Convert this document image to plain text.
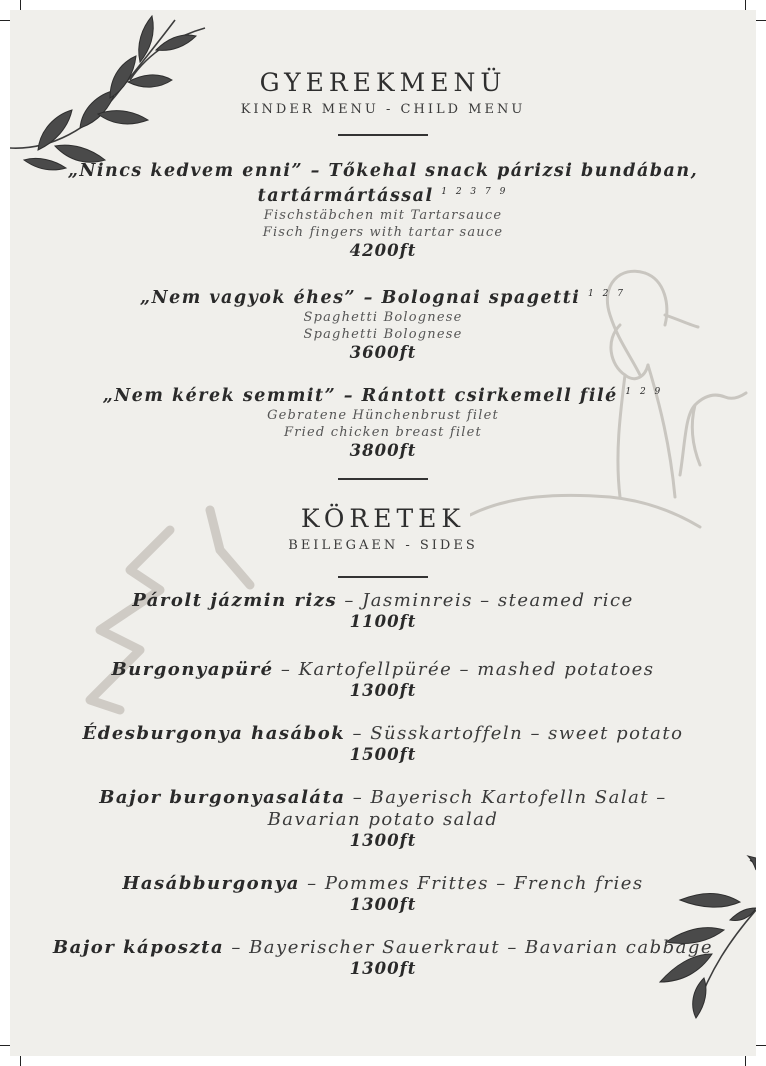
GYEREKMENÜ
KINDER MENU - CHILD MENU
„Nincs kedvem enni” – Tőkehal snack párizsi bundában, tartármártással $^{1 2 3 7 9}$
Fischstäbchen mit Tartarsauce
Fisch fingers with tartar sauce
4200ft
„Nem vagyok éhes” – Bolognai spagetti $^{1 2 7}$
Spaghetti Bolognese
Spaghetti Bolognese
3600ft
„Nem kérek semmit” – Rántott csirkemell filé $^{1 2 9}$
Gebratene Hünchenbrust filet
Fried chicken breast filet
3800ft
KÖRETEK
BEILEGAEN - SIDES
Párolt jázmin rizs – Jasminreis – steamed rice
1100ft
Burgonyapüré – Kartofellpürée – mashed potatoes
1300ft
Édesburgonya hasábok – Süsskartoffeln – sweet potato
1500ft
Bajor burgonyasaláta – Bayerisch Kartofelln Salat – Bavarian potato salad
1300ft
Hasábburgonya – Pommes Frittes – French fries
1300ft
Bajor káposzta – Bayerischer Sauerkraut – Bavarian cabbage
1300ft
